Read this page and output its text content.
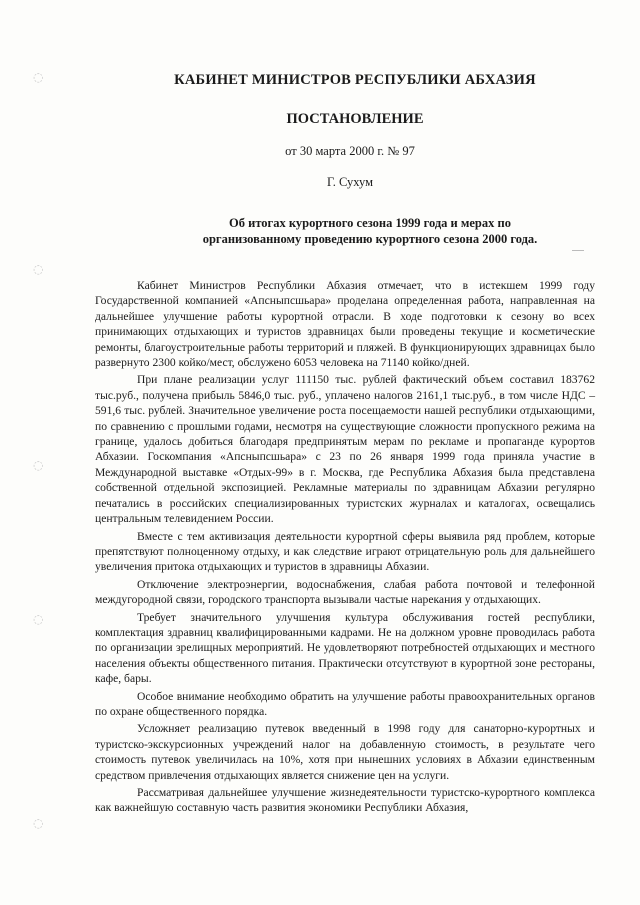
◌
◌
◌
◌
◌
КАБИНЕТ МИНИСТРОВ РЕСПУБЛИКИ АБХАЗИЯ
ПОСТАНОВЛЕНИЕ
от 30 марта 2000 г. № 97
Г. Сухум
Об итогах курортного сезона 1999 года и мерах по
организованному проведению курортного сезона 2000 года.

Кабинет Министров Республики Абхазия отмечает, что в истекшем 1999 году Государственной компанией «Апсныпсшьара» проделана определенная работа, направленная на дальнейшее улучшение работы курортной отрасли. В ходе подготовки к сезону во всех принимающих отдыхающих и туристов здравницах были проведены текущие и косметические ремонты, благоустроительные работы территорий и пляжей. В функционирующих здравницах было развернуто 2300 койко/мест, обслужено 6053 человека на 71140 койко/дней.

При плане реализации услуг 111150 тыс. рублей фактический объем составил 183762 тыс.руб., получена прибыль 5846,0 тыс. руб., уплачено налогов 2161,1 тыс.руб., в том числе НДС – 591,6 тыс. рублей. Значительное увеличение роста посещаемости нашей республики отдыхающими, по сравнению с прошлыми годами, несмотря на существующие сложности пропускного режима на границе, удалось добиться благодаря предпринятым мерам по рекламе и пропаганде курортов Абхазии. Госкомпания «Апсныпсшьара» с 23 по 26 января 1999 года приняла участие в Международной выставке «Отдых-99» в г. Москва, где Республика Абхазия была представлена собственной отдельной экспозицией. Рекламные материалы по здравницам Абхазии регулярно печатались в российских специализированных туристских журналах и каталогах, освещались центральным телевидением России.

Вместе с тем активизация деятельности курортной сферы выявила ряд проблем, которые препятствуют полноценному отдыху, и как следствие играют отрицательную роль для дальнейшего увеличения притока отдыхающих и туристов в здравницы Абхазии.

Отключение электроэнергии, водоснабжения, слабая работа почтовой и телефонной междугородной связи, городского транспорта вызывали частые нарекания у отдыхающих.

Требует значительного улучшения культура обслуживания гостей республики, комплектация здравниц квалифицированными кадрами. Не на должном уровне проводилась работа по организации зрелищных мероприятий. Не удовлетворяют потребностей отдыхающих и местного населения объекты общественного питания. Практически отсутствуют в курортной зоне рестораны, кафе, бары.

Особое внимание необходимо обратить на улучшение работы правоохранительных органов по охране общественного порядка.

Усложняет реализацию путевок введенный в 1998 году для санаторно-курортных и туристско-экскурсионных учреждений налог на добавленную стоимость, в результате чего стоимость путевок увеличилась на 10%, хотя при нынешних условиях в Абхазии единственным средством привлечения отдыхающих является снижение цен на услуги.

Рассматривая дальнейшее улучшение жизнедеятельности туристско-курортного комплекса как важнейшую составную часть развития экономики Республики Абхазия,
